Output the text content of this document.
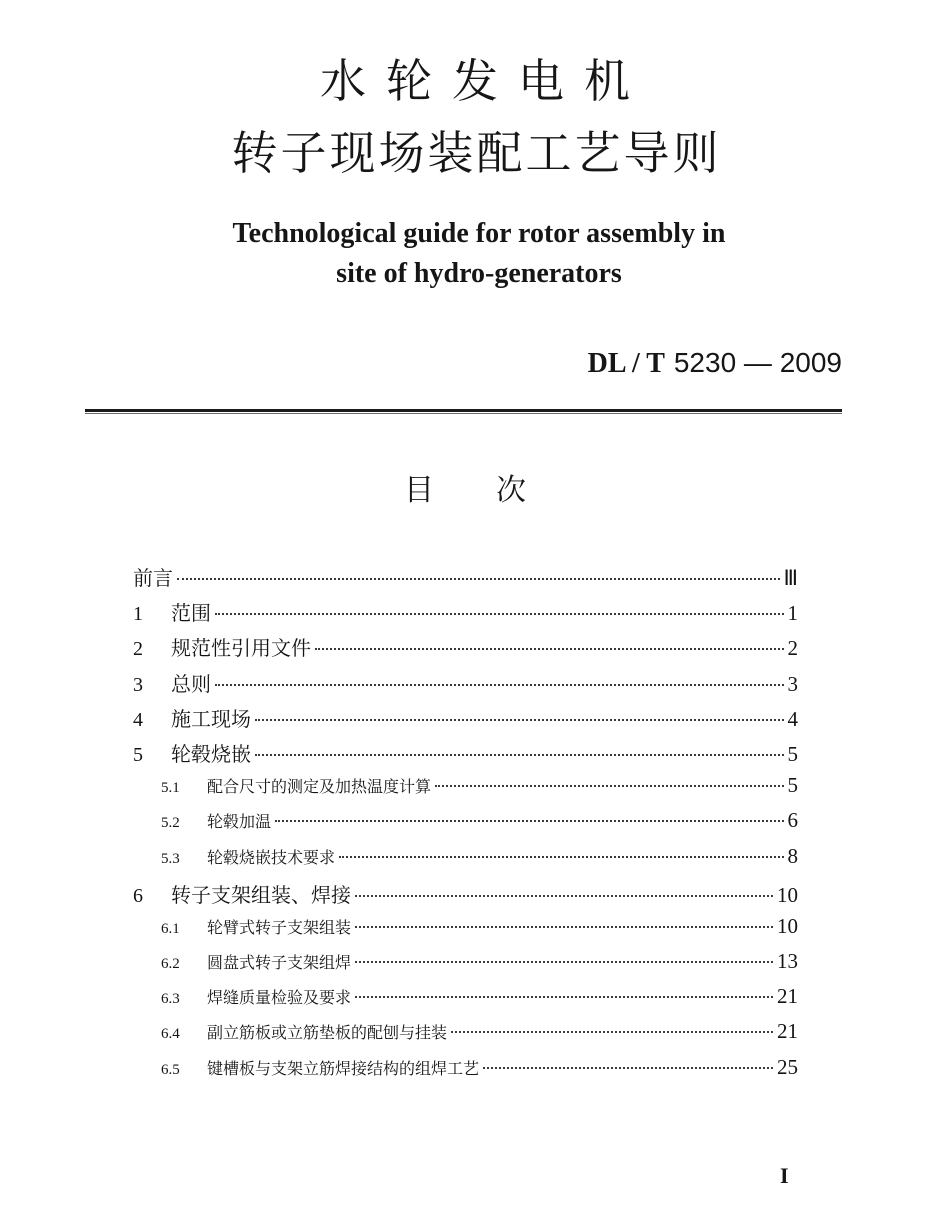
水轮发电机
转子现场装配工艺导则
Technological guide for rotor assembly in
site of hydro-generators
DL / T 5230 — 2009
目次
前言	Ⅲ
1	范围	1
2	规范性引用文件	2
3	总则	3
4	施工现场	4
5	轮毂烧嵌	5
5.1	配合尺寸的测定及加热温度计算	5
5.2	轮毂加温	6
5.3	轮毂烧嵌技术要求	8
6	转子支架组装、焊接	10
6.1	轮臂式转子支架组装	10
6.2	圆盘式转子支架组焊	13
6.3	焊缝质量检验及要求	21
6.4	副立筋板或立筋垫板的配刨与挂装	21
6.5	键槽板与支架立筋焊接结构的组焊工艺	25
I
